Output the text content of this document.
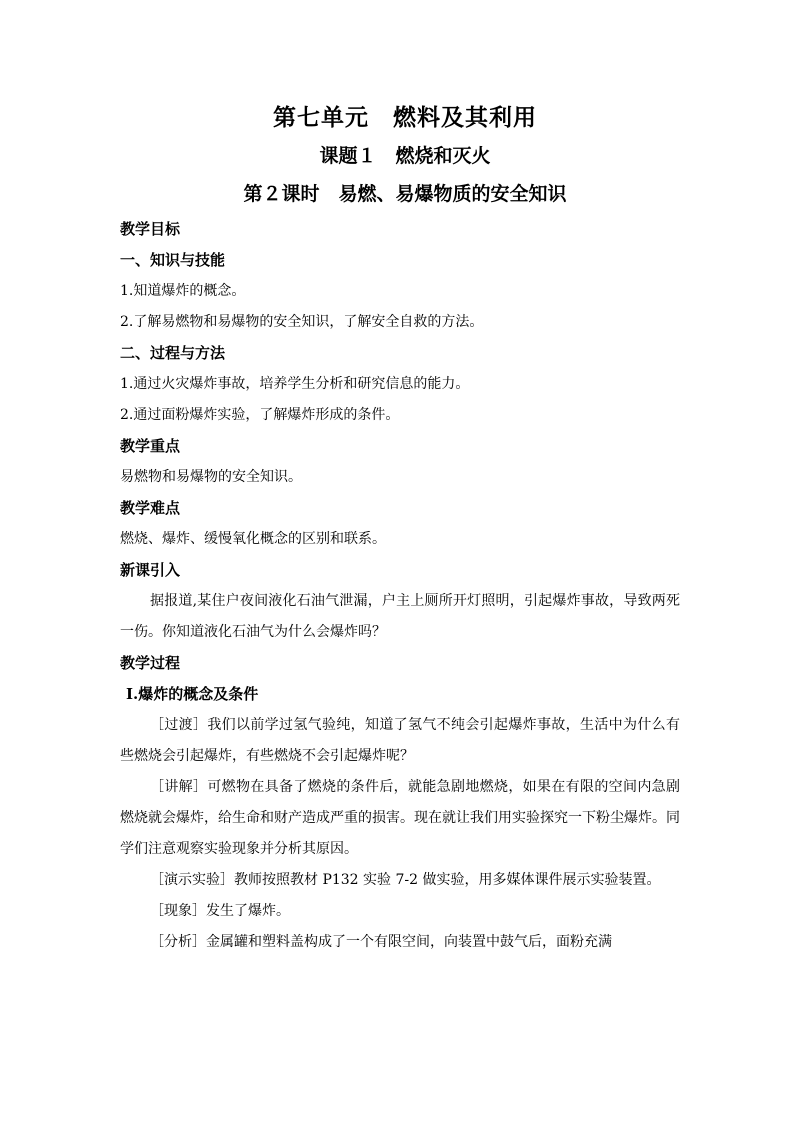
第七单元　燃料及其利用
课题１　燃烧和灭火
第２课时　易燃、易爆物质的安全知识
教学目标
一、知识与技能
1.知道爆炸的概念。
2.了解易燃物和易爆物的安全知识，了解安全自救的方法。
二、过程与方法
1.通过火灾爆炸事故，培养学生分析和研究信息的能力。
2.通过面粉爆炸实验，了解爆炸形成的条件。
教学重点
易燃物和易爆物的安全知识。
教学难点
燃烧、爆炸、缓慢氧化概念的区别和联系。
新课引入
据报道,某住户夜间液化石油气泄漏，户主上厕所开灯照明，引起爆炸事故，导致两死一伤。你知道液化石油气为什么会爆炸吗？
教学过程
Ⅰ.爆炸的概念及条件
［过渡］我们以前学过氢气验纯，知道了氢气不纯会引起爆炸事故，生活中为什么有些燃烧会引起爆炸，有些燃烧不会引起爆炸呢？
［讲解］可燃物在具备了燃烧的条件后，就能急剧地燃烧，如果在有限的空间内急剧燃烧就会爆炸，给生命和财产造成严重的损害。现在就让我们用实验探究一下粉尘爆炸。同学们注意观察实验现象并分析其原因。
［演示实验］教师按照教材 P132 实验 7-2 做实验，用多媒体课件展示实验装置。
［现象］发生了爆炸。
［分析］金属罐和塑料盖构成了一个有限空间，向装置中鼓气后，面粉充满
